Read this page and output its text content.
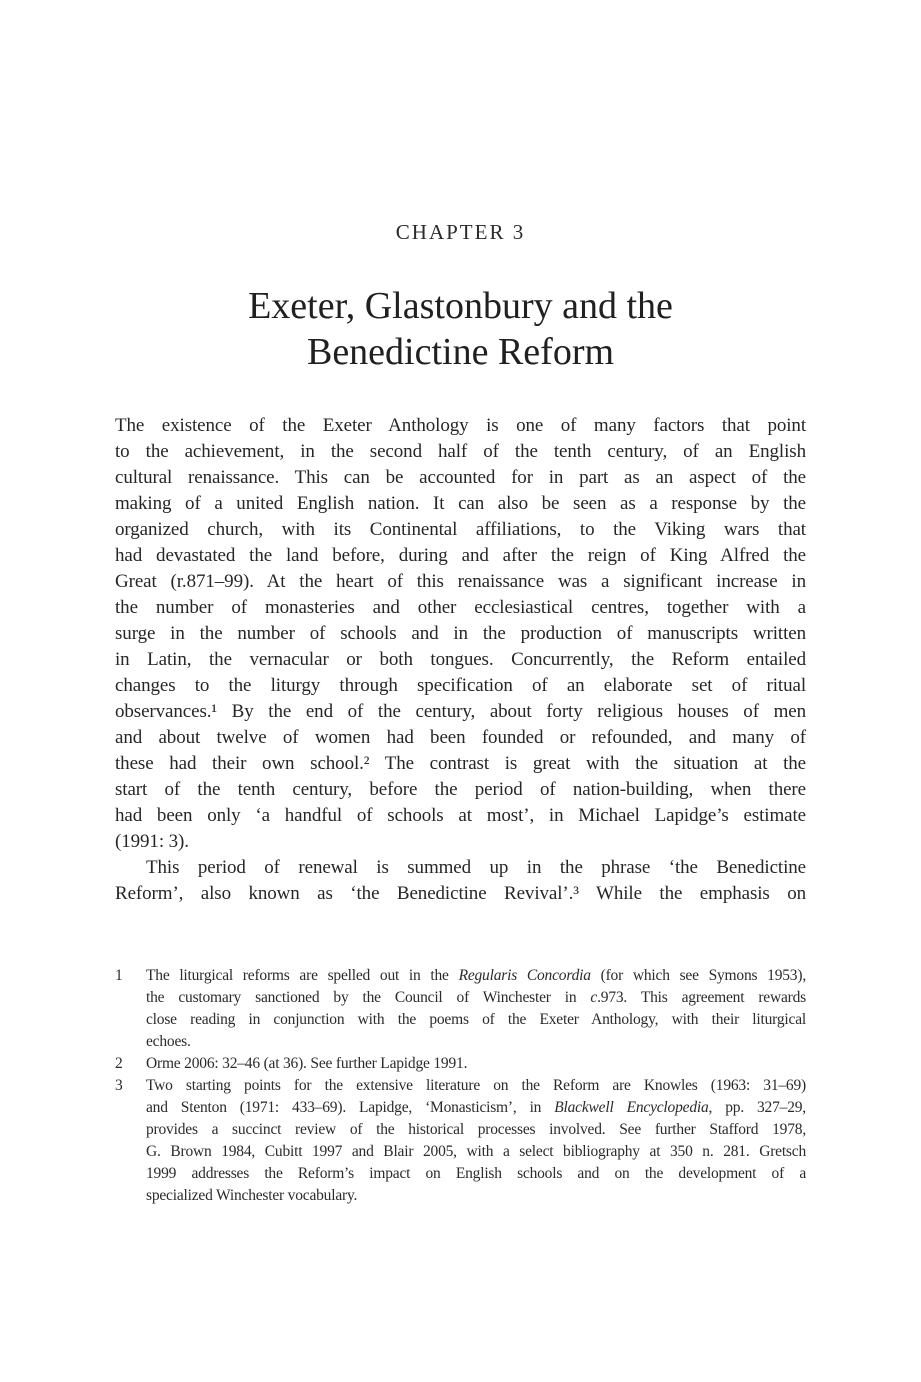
CHAPTER 3
Exeter, Glastonbury and the
Benedictine Reform
The existence of the Exeter Anthology is one of many factors that point
to the achievement, in the second half of the tenth century, of an English
cultural renaissance. This can be accounted for in part as an aspect of the
making of a united English nation. It can also be seen as a response by the
organized church, with its Continental affiliations, to the Viking wars that
had devastated the land before, during and after the reign of King Alfred the
Great (r.871–99). At the heart of this renaissance was a significant increase in
the number of monasteries and other ecclesiastical centres, together with a
surge in the number of schools and in the production of manuscripts written
in Latin, the vernacular or both tongues. Concurrently, the Reform entailed
changes to the liturgy through specification of an elaborate set of ritual
observances.¹ By the end of the century, about forty religious houses of men
and about twelve of women had been founded or refounded, and many of
these had their own school.² The contrast is great with the situation at the
start of the tenth century, before the period of nation-building, when there
had been only ‘a handful of schools at most’, in Michael Lapidge’s estimate
(1991: 3).
This period of renewal is summed up in the phrase ‘the Benedictine
Reform’, also known as ‘the Benedictine Revival’.³ While the emphasis on
1	The liturgical reforms are spelled out in the Regularis Concordia (for which see Symons 1953),
the customary sanctioned by the Council of Winchester in c.973. This agreement rewards
close reading in conjunction with the poems of the Exeter Anthology, with their liturgical
echoes.
2	Orme 2006: 32–46 (at 36). See further Lapidge 1991.
3	Two starting points for the extensive literature on the Reform are Knowles (1963: 31–69)
and Stenton (1971: 433–69). Lapidge, ‘Monasticism’, in Blackwell Encyclopedia, pp. 327–29,
provides a succinct review of the historical processes involved. See further Stafford 1978,
G. Brown 1984, Cubitt 1997 and Blair 2005, with a select bibliography at 350 n. 281. Gretsch
1999 addresses the Reform’s impact on English schools and on the development of a
specialized Winchester vocabulary.
